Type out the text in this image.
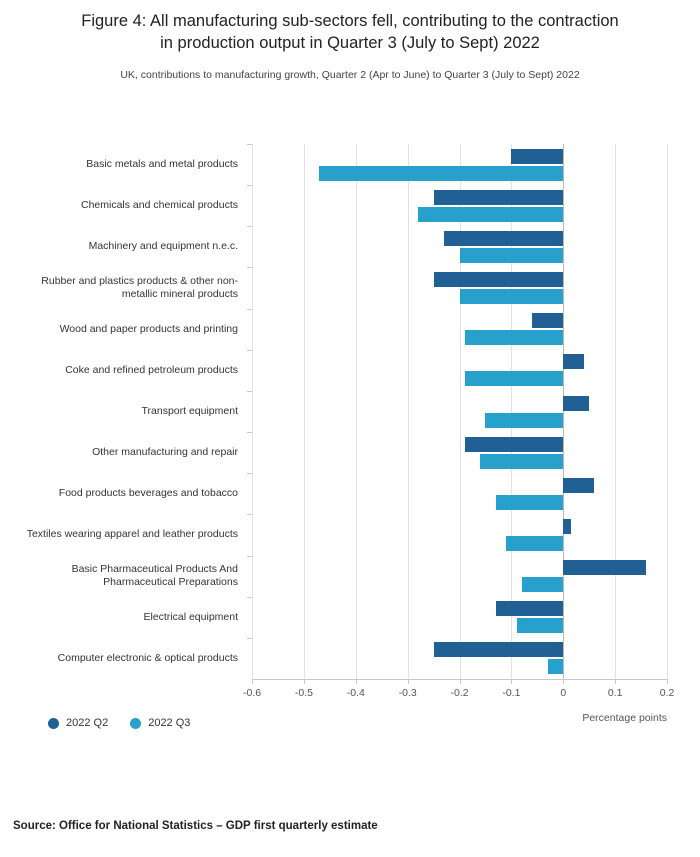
Figure 4: All manufacturing sub-sectors fell, contributing to the contraction
in production output in Quarter 3 (July to Sept) 2022
UK, contributions to manufacturing growth, Quarter 2 (Apr to June) to Quarter 3 (July to Sept) 2022
Basic metals and metal products
Chemicals and chemical products
Machinery and equipment n.e.c.
Rubber and plastics products & other non-metallic mineral products
Wood and paper products and printing
Coke and refined petroleum products
Transport equipment
Other manufacturing and repair
Food products beverages and tobacco
Textiles wearing apparel and leather products
Basic Pharmaceutical Products And Pharmaceutical Preparations
Electrical equipment
Computer electronic & optical products
-0.6	-0.5	-0.4	-0.3	-0.2	-0.1	0	0.1	0.2
Percentage points
2022 Q2	2022 Q3
Source: Office for National Statistics – GDP first quarterly estimate
